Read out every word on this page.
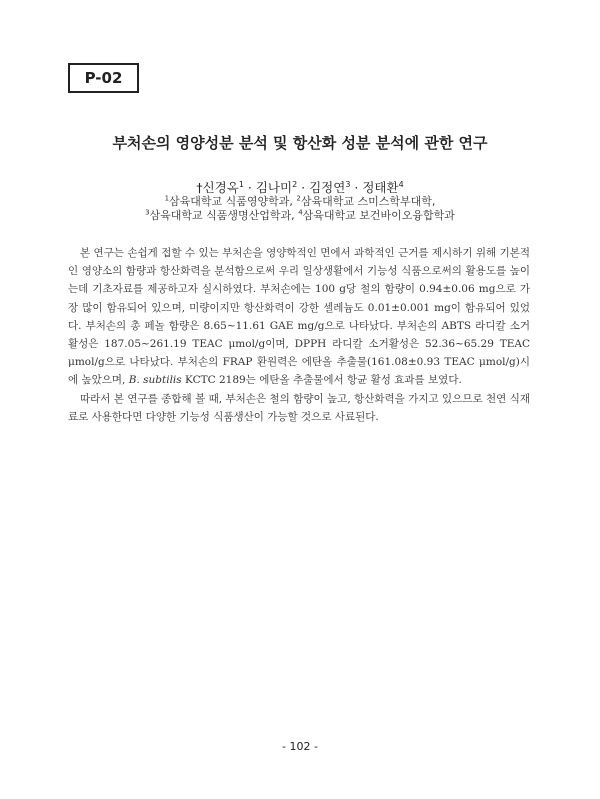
P-02
부처손의 영양성분 분석 및 항산화 성분 분석에 관한 연구
†신경옥$^1$ · 김나미$^2$ · 김정연$^3$ · 정태환$^4$
$^1$삼육대학교 식품영양학과, $^2$삼육대학교 스미스학부대학,
$^3$삼육대학교 식품생명산업학과, $^4$삼육대학교 보건바이오융합학과

본 연구는 손쉽게 접할 수 있는 부처손을 영양학적인 면에서 과학적인 근거를 제시하기 위해 기본적인 영양소의 함량과 항산화력을 분석함으로써 우리 일상생활에서 기능성 식품으로써의 활용도를 높이는데 기초자료를 제공하고자 실시하였다. 부처손에는 100 g당 철의 함량이 0.94±0.06 mg으로 가장 많이 함유되어 있으며, 미량이지만 항산화력이 강한 셀레늄도 0.01±0.001 mg이 함유되어 있었다. 부처손의 총 페놀 함량은 8.65~11.61 GAE mg/g으로 나타났다. 부처손의 ABTS 라디칼 소거활성은 187.05~261.19 TEAC μmol/g이며, DPPH 라디칼 소거활성은 52.36~65.29 TEAC μmol/g으로 나타났다. 부처손의 FRAP 환원력은 에탄올 추출물(161.08±0.93 TEAC μmol/g)시에 높았으며, B. subtilis KCTC 2189는 에탄올 추출물에서 항균 활성 효과를 보였다.

따라서 본 연구를 종합해 볼 때, 부처손은 철의 함량이 높고, 항산화력을 가지고 있으므로 천연 식재료로 사용한다면 다양한 기능성 식품생산이 가능할 것으로 사료된다.

- 102 -
